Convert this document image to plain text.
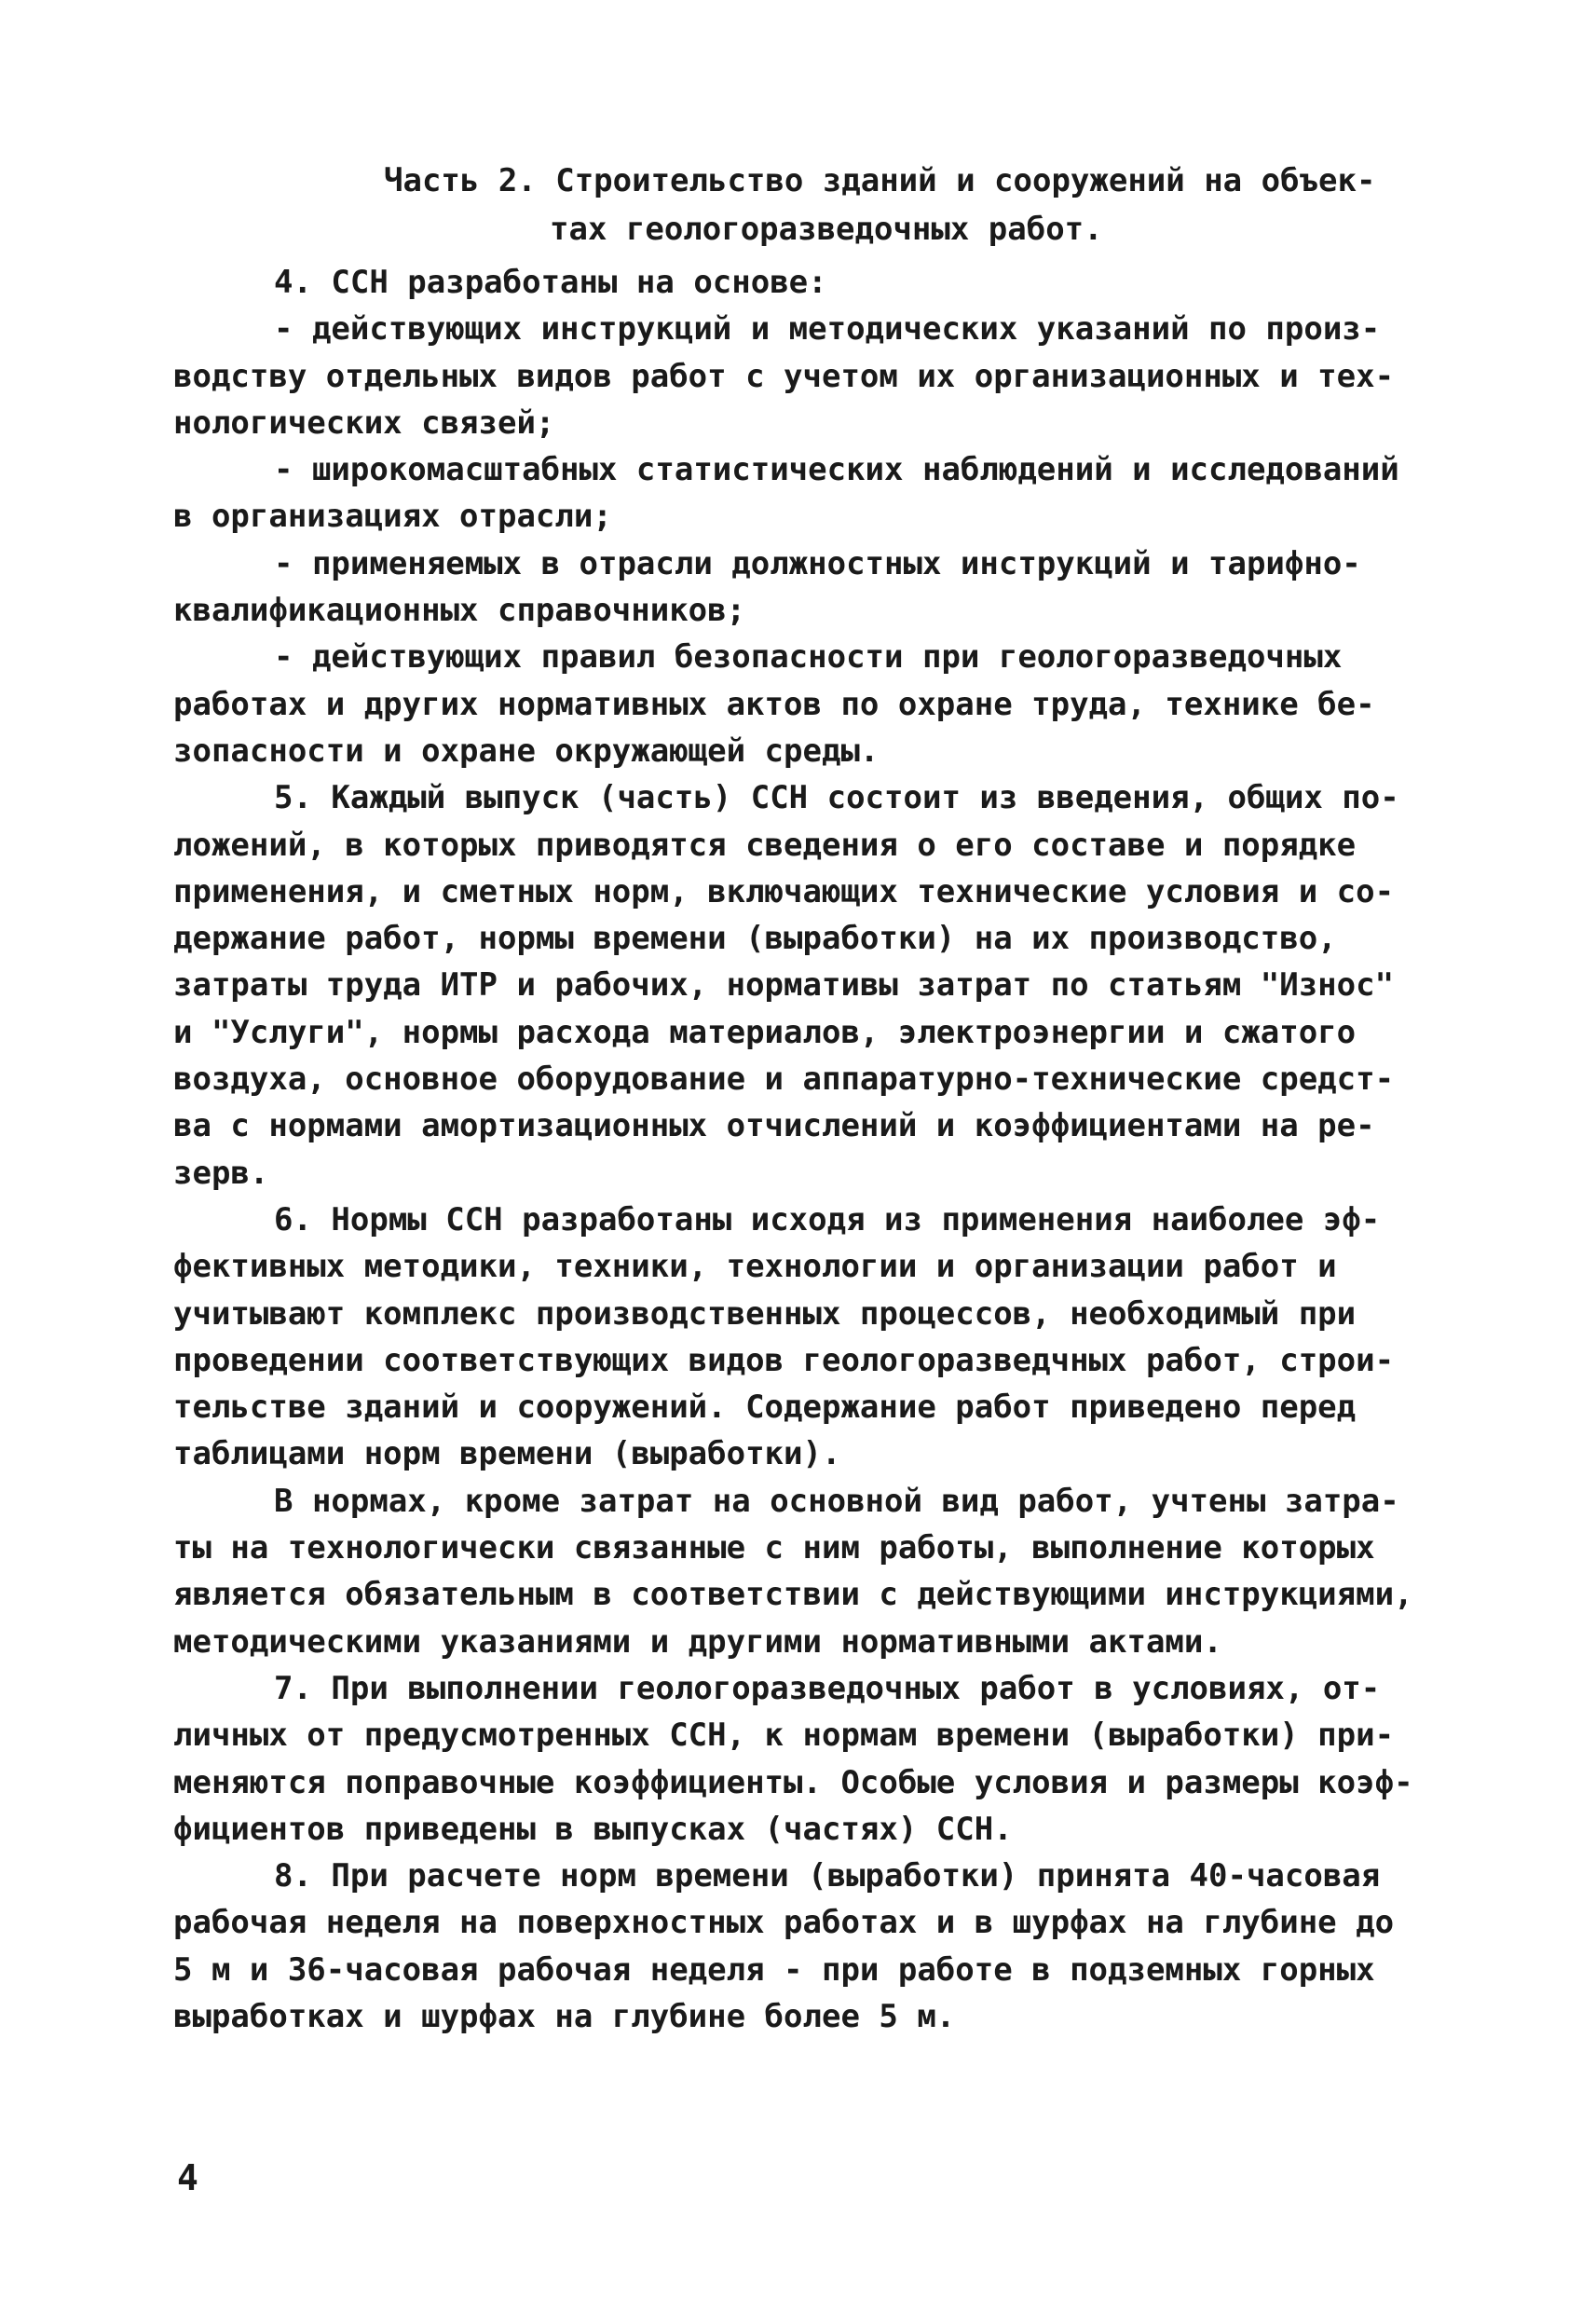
Часть 2. Строительство зданий и сооружений на объек-
тах геологоразведочных работ.
4. ССН разработаны на основе:
- действующих инструкций и методических указаний по произ-
водству отдельных видов работ с учетом их организационных и тех-
нологических связей;
- широкомасштабных статистических наблюдений и исследований
в организациях отрасли;
- применяемых в отрасли должностных инструкций и тарифно-
квалификационных справочников;
- действующих правил безопасности при геологоразведочных
работах и других нормативных актов по охране труда, технике бе-
зопасности и охране окружающей среды.
5. Каждый выпуск (часть) ССН состоит из введения, общих по-
ложений, в которых приводятся сведения о его составе и порядке
применения, и сметных норм, включающих технические условия и со-
держание работ, нормы времени (выработки) на их производство,
затраты труда ИТР и рабочих, нормативы затрат по статьям "Износ"
и "Услуги", нормы расхода материалов, электроэнергии и сжатого
воздуха, основное оборудование и аппаратурно-технические средст-
ва с нормами амортизационных отчислений и коэффициентами на ре-
зерв.
6. Нормы ССН разработаны исходя из применения наиболее эф-
фективных методики, техники, технологии и организации работ и
учитывают комплекс производственных процессов, необходимый при
проведении соответствующих видов геологоразведчных работ, строи-
тельстве зданий и сооружений. Содержание работ приведено перед
таблицами норм времени (выработки).
В нормах, кроме затрат на основной вид работ, учтены затра-
ты на технологически связанные с ним работы, выполнение которых
является обязательным в соответствии с действующими инструкциями,
методическими указаниями и другими нормативными актами.
7. При выполнении геологоразведочных работ в условиях, от-
личных от предусмотренных ССН, к нормам времени (выработки) при-
меняются поправочные коэффициенты. Особые условия и размеры коэф-
фициентов приведены в выпусках (частях) ССН.
8. При расчете норм времени (выработки) принята 40-часовая
рабочая неделя на поверхностных работах и в шурфах на глубине до
5 м и 36-часовая рабочая неделя - при работе в подземных горных
выработках и шурфах на глубине более 5 м.
4
